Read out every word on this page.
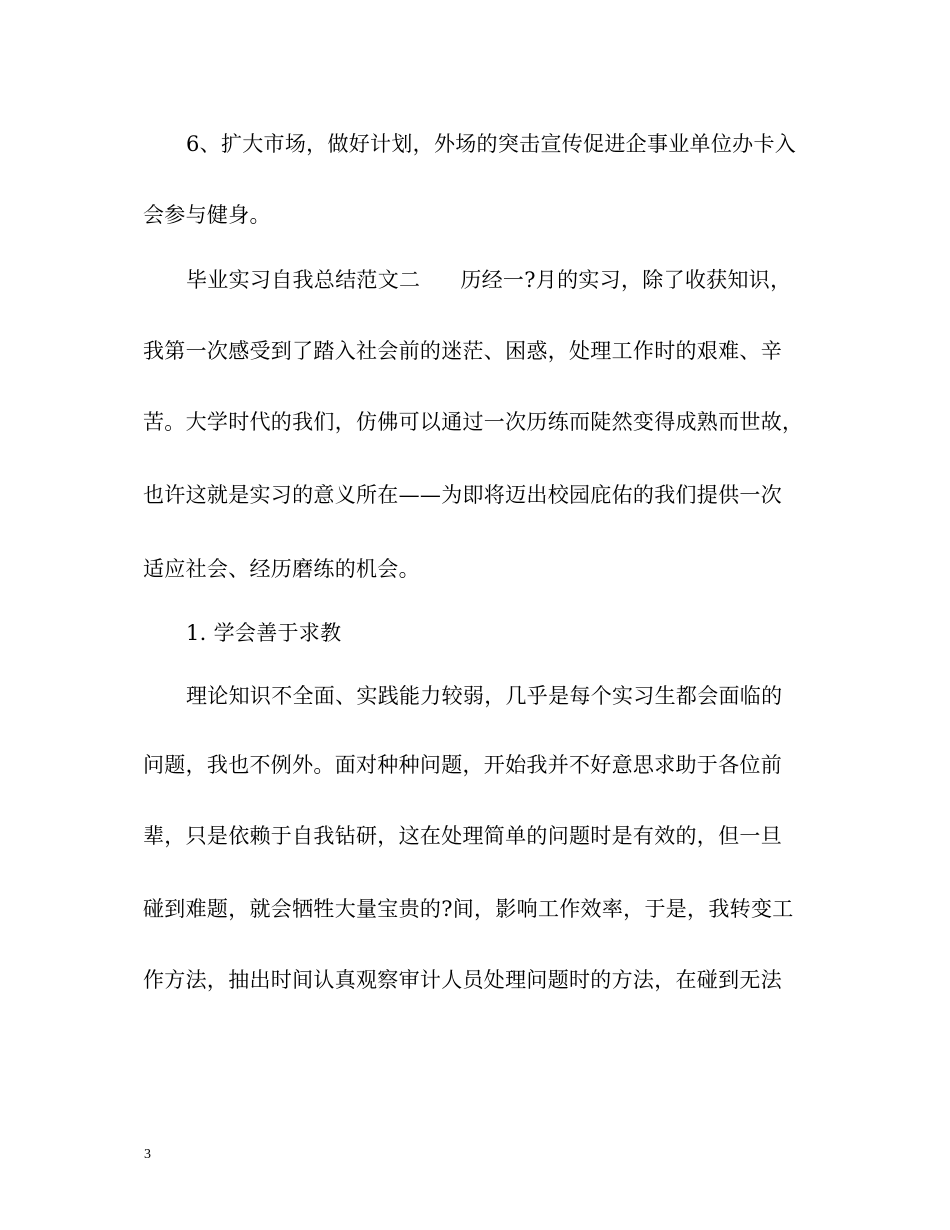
6、扩大市场，做好计划，外场的突击宣传促进企事业单位办卡入
会参与健身。
毕业实习自我总结范文二 历经一?月的实习，除了收获知识，
我第一次感受到了踏入社会前的迷茫、困惑，处理工作时的艰难、辛
苦。大学时代的我们，仿佛可以通过一次历练而陡然变得成熟而世故，
也许这就是实习的意义所在——为即将迈出校园庇佑的我们提供一次
适应社会、经历磨练的机会。
1. 学会善于求教
理论知识不全面、实践能力较弱，几乎是每个实习生都会面临的
问题，我也不例外。面对种种问题，开始我并不好意思求助于各位前
辈，只是依赖于自我钻研，这在处理简单的问题时是有效的，但一旦
碰到难题，就会牺牲大量宝贵的?间，影响工作效率，于是，我转变工
作方法，抽出时间认真观察审计人员处理问题时的方法，在碰到无法
3
